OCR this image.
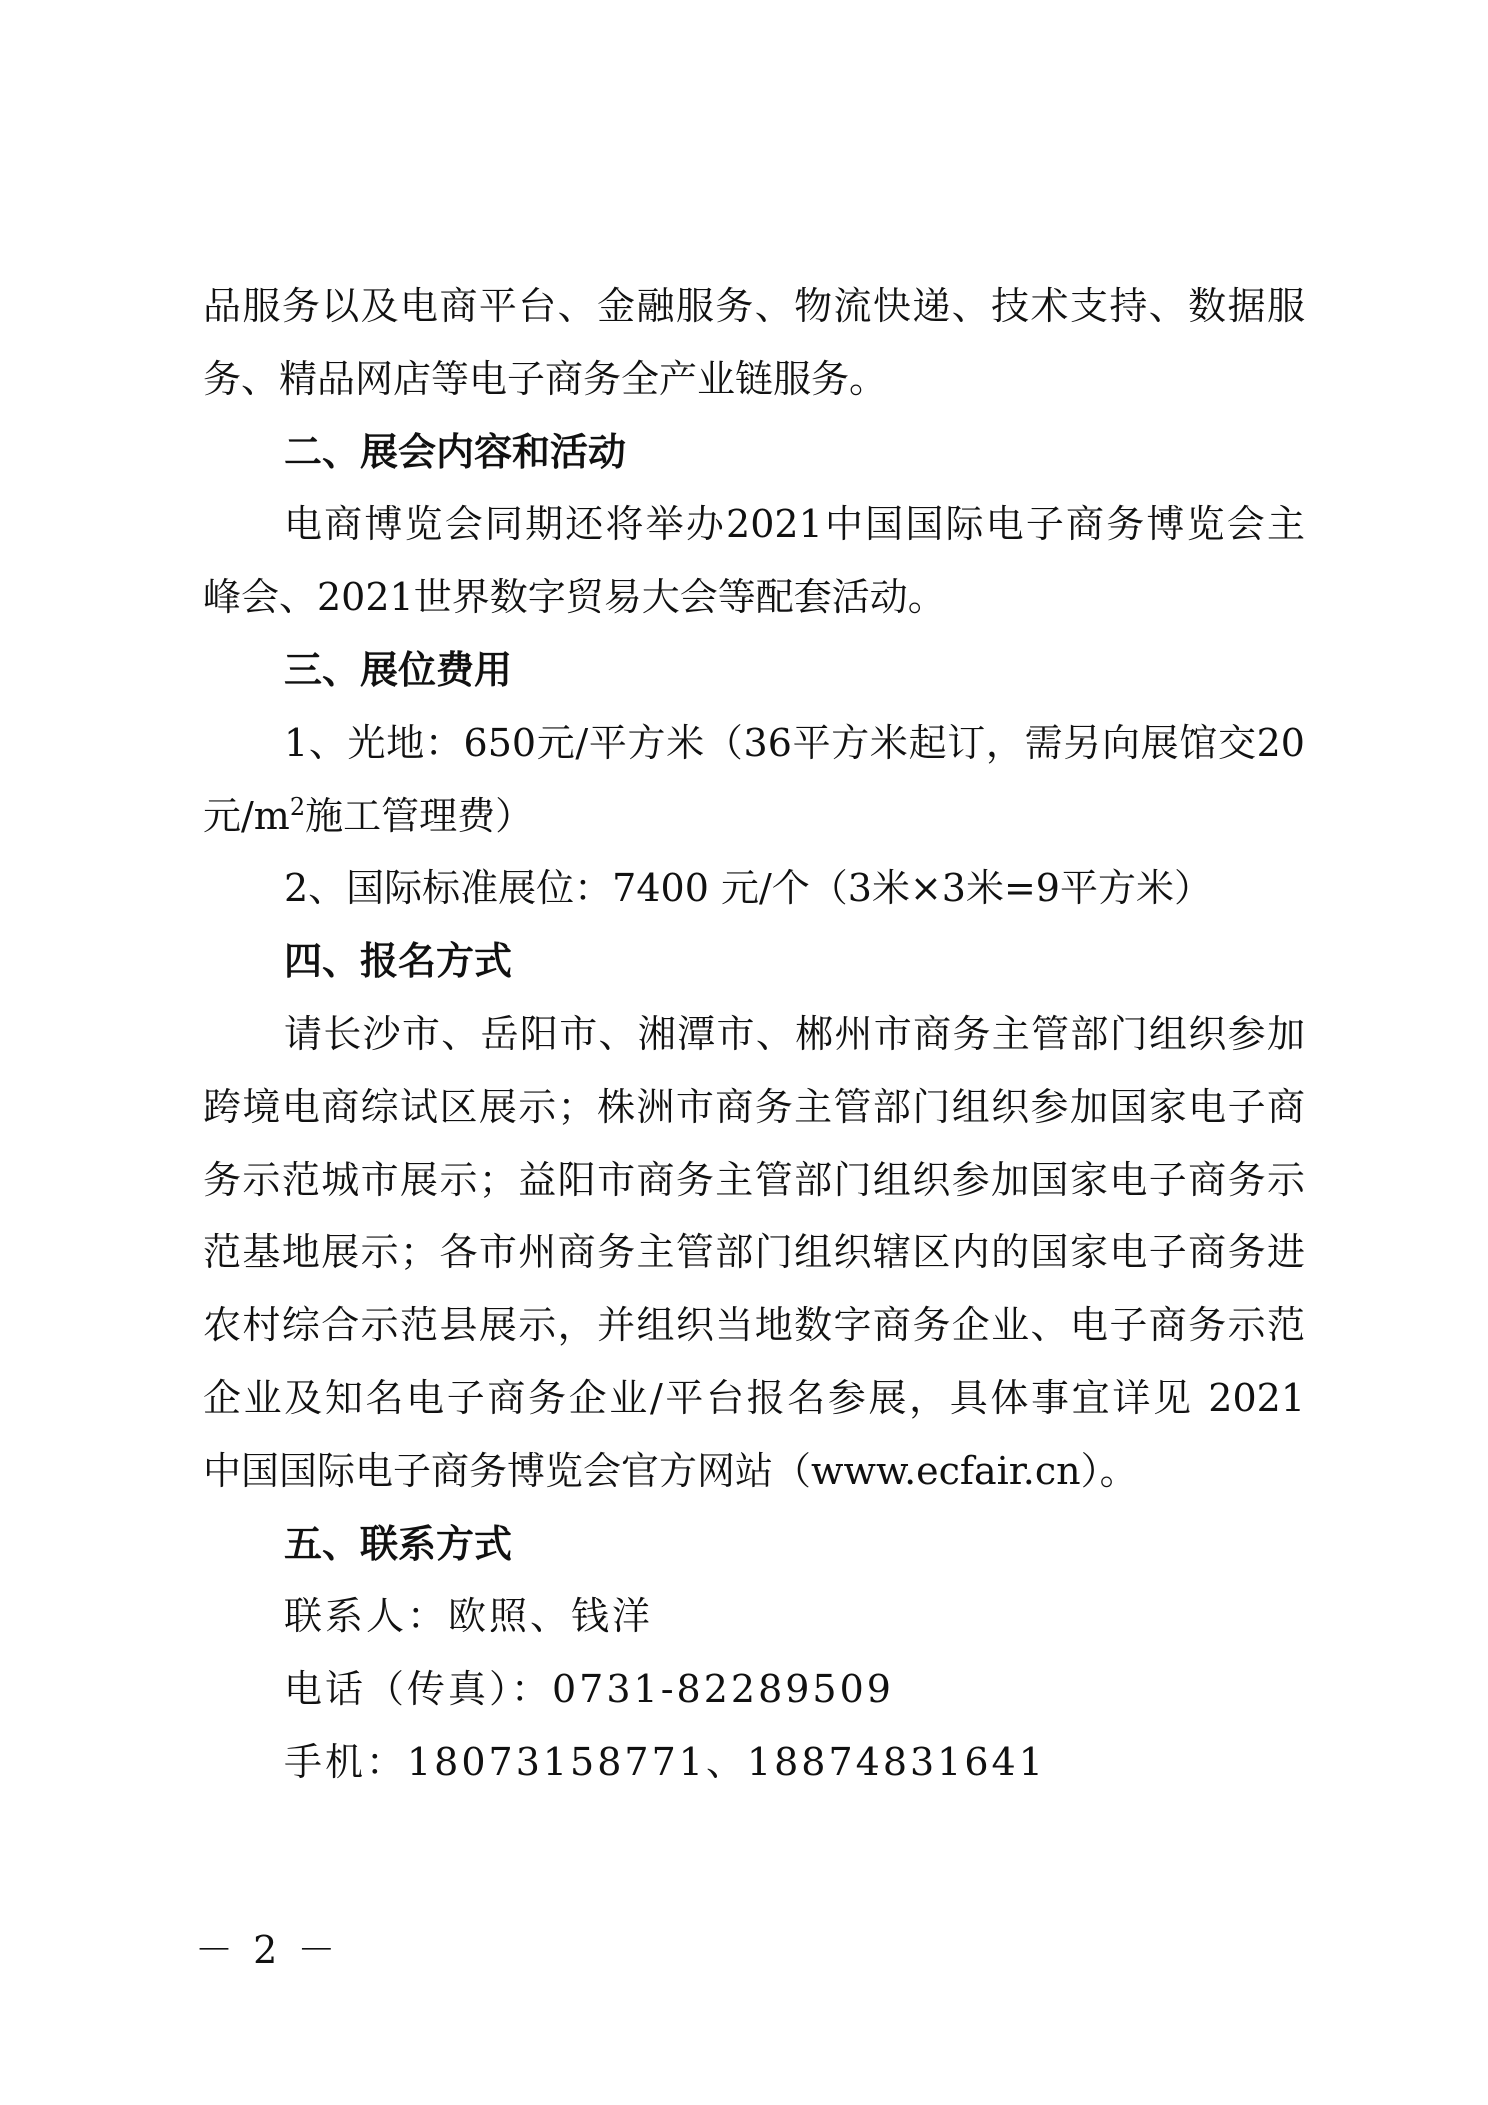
品服务以及电商平台、金融服务、物流快递、技术支持、数据服
务、精品网店等电子商务全产业链服务。
二、展会内容和活动
电商博览会同期还将举办2021中国国际电子商务博览会主
峰会、2021世界数字贸易大会等配套活动。
三、展位费用
1、光地：650元/平方米（36平方米起订，需另向展馆交20
元$/m^2$施工管理费）
2、国际标准展位：7400 元/个（3米×3米=9平方米）
四、报名方式
请长沙市、岳阳市、湘潭市、郴州市商务主管部门组织参加
跨境电商综试区展示；株洲市商务主管部门组织参加国家电子商
务示范城市展示；益阳市商务主管部门组织参加国家电子商务示
范基地展示；各市州商务主管部门组织辖区内的国家电子商务进
农村综合示范县展示，并组织当地数字商务企业、电子商务示范
企业及知名电子商务企业/平台报名参展，具体事宜详见 2021
中国国际电子商务博览会官方网站（www.ecfair.cn）。
五、联系方式
联系人：欧照、钱洋
电话（传真）：0731-82289509
手机：18073158771、18874831641
－ 2 －
